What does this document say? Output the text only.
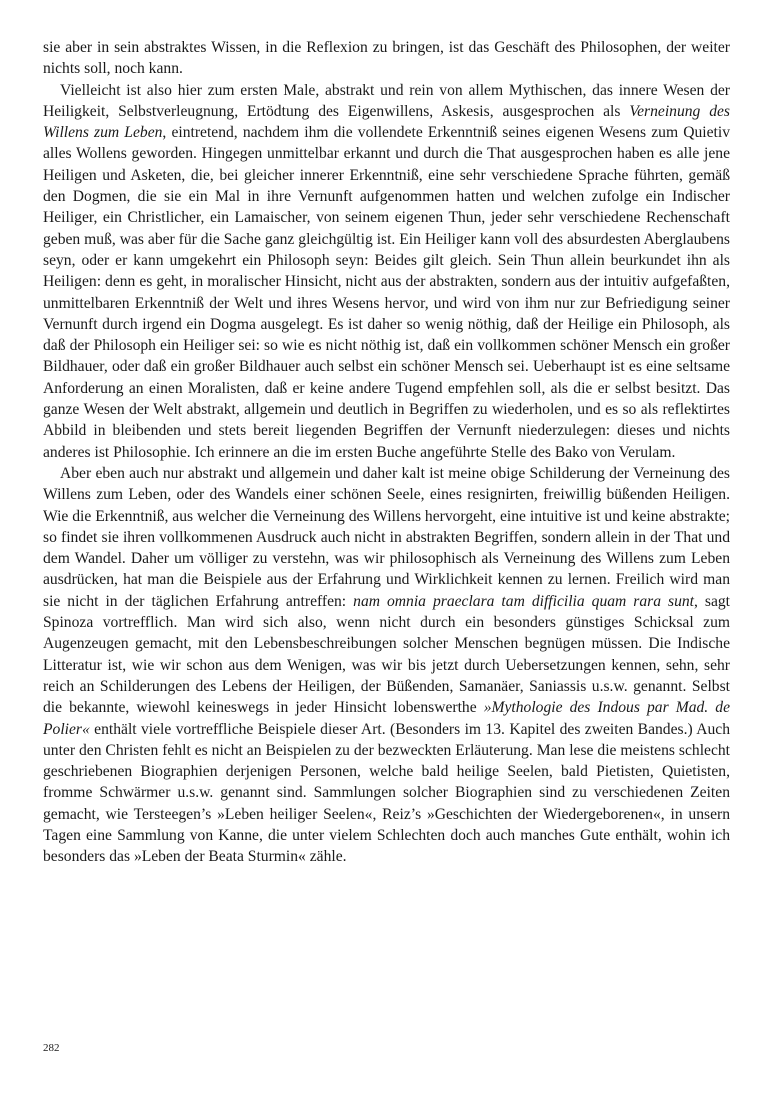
sie aber in sein abstraktes Wissen, in die Reflexion zu bringen, ist das Geschäft des Philosophen, der weiter nichts soll, noch kann.

Vielleicht ist also hier zum ersten Male, abstrakt und rein von allem Mythischen, das innere Wesen der Heiligkeit, Selbstverleugnung, Ertödtung des Eigenwillens, Askesis, ausgesprochen als Verneinung des Willens zum Leben, eintretend, nachdem ihm die vollendete Erkenntniß seines eigenen Wesens zum Quietiv alles Wollens geworden. Hingegen unmittelbar erkannt und durch die That ausgesprochen haben es alle jene Heiligen und Asketen, die, bei gleicher innerer Erkenntniß, eine sehr verschiedene Sprache führten, gemäß den Dogmen, die sie ein Mal in ihre Vernunft aufgenommen hatten und welchen zufolge ein Indischer Heiliger, ein Christlicher, ein Lamaischer, von seinem eigenen Thun, jeder sehr verschiedene Rechenschaft geben muß, was aber für die Sache ganz gleichgültig ist. Ein Heiliger kann voll des absurdesten Aberglaubens seyn, oder er kann umgekehrt ein Philosoph seyn: Beides gilt gleich. Sein Thun allein beurkundet ihn als Heiligen: denn es geht, in moralischer Hinsicht, nicht aus der abstrakten, sondern aus der intuitiv aufgefaßten, unmittelbaren Erkenntniß der Welt und ihres Wesens hervor, und wird von ihm nur zur Befriedigung seiner Vernunft durch irgend ein Dogma ausgelegt. Es ist daher so wenig nöthig, daß der Heilige ein Philosoph, als daß der Philosoph ein Heiliger sei: so wie es nicht nöthig ist, daß ein vollkommen schöner Mensch ein großer Bildhauer, oder daß ein großer Bildhauer auch selbst ein schöner Mensch sei. Ueberhaupt ist es eine seltsame Anforderung an einen Moralisten, daß er keine andere Tugend empfehlen soll, als die er selbst besitzt. Das ganze Wesen der Welt abstrakt, allgemein und deutlich in Begriffen zu wiederholen, und es so als reflektirtes Abbild in bleibenden und stets bereit liegenden Begriffen der Vernunft niederzulegen: dieses und nichts anderes ist Philosophie. Ich erinnere an die im ersten Buche angeführte Stelle des Bako von Verulam.

Aber eben auch nur abstrakt und allgemein und daher kalt ist meine obige Schilderung der Verneinung des Willens zum Leben, oder des Wandels einer schönen Seele, eines resignirten, freiwillig büßenden Heiligen. Wie die Erkenntniß, aus welcher die Verneinung des Willens hervorgeht, eine intuitive ist und keine abstrakte; so findet sie ihren vollkommenen Ausdruck auch nicht in abstrakten Begriffen, sondern allein in der That und dem Wandel. Daher um völliger zu verstehn, was wir philosophisch als Verneinung des Willens zum Leben ausdrücken, hat man die Beispiele aus der Erfahrung und Wirklichkeit kennen zu lernen. Freilich wird man sie nicht in der täglichen Erfahrung antreffen: nam omnia praeclara tam difficilia quam rara sunt, sagt Spinoza vortrefflich. Man wird sich also, wenn nicht durch ein besonders günstiges Schicksal zum Augenzeugen gemacht, mit den Lebensbeschreibungen solcher Menschen begnügen müssen. Die Indische Litteratur ist, wie wir schon aus dem Wenigen, was wir bis jetzt durch Uebersetzungen kennen, sehn, sehr reich an Schilderungen des Lebens der Heiligen, der Büßenden, Samanäer, Saniassis u.s.w. genannt. Selbst die bekannte, wiewohl keineswegs in jeder Hinsicht lobenswerthe »Mythologie des Indous par Mad. de Polier« enthält viele vortreffliche Beispiele dieser Art. (Besonders im 13. Kapitel des zweiten Bandes.) Auch unter den Christen fehlt es nicht an Beispielen zu der bezweckten Erläuterung. Man lese die meistens schlecht geschriebenen Biographien derjenigen Personen, welche bald heilige Seelen, bald Pietisten, Quietisten, fromme Schwärmer u.s.w. genannt sind. Sammlungen solcher Biographien sind zu verschiedenen Zeiten gemacht, wie Tersteegen’s »Leben heiliger Seelen«, Reiz’s »Geschichten der Wiedergeborenen«, in unsern Tagen eine Sammlung von Kanne, die unter vielem Schlechten doch auch manches Gute enthält, wohin ich besonders das »Leben der Beata Sturmin« zähle.

282
